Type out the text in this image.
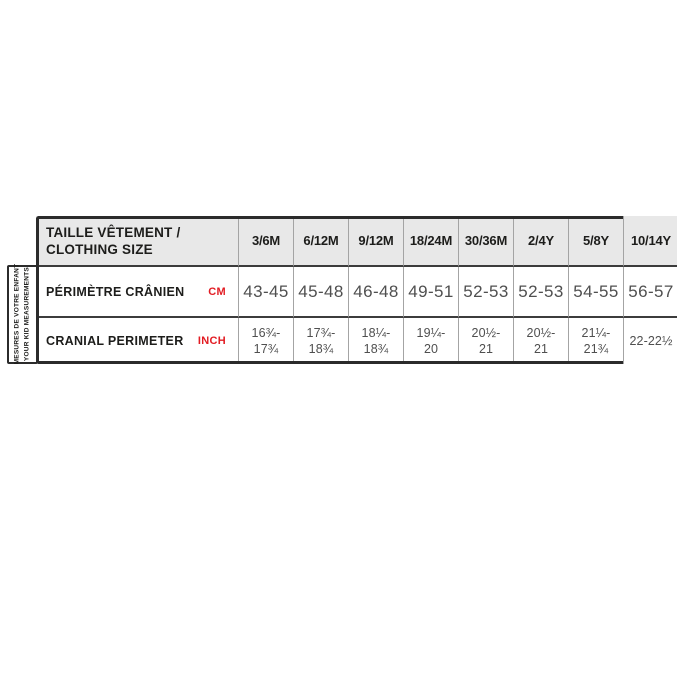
MESURES DE VOTRE ENFANT YOUR KID MEASUREMENTS
TAILLE VÊTEMENT /
CLOTHING SIZE
3/6M 6/12M 9/12M 18/24M 30/36M 2/4Y 5/8Y 10/14Y
PÉRIMÈTRE CRÂNIEN CM 43-45 45-48 46-48 49-51 52-53 52-53 54-55 56-57
CRANIAL PERIMETER INCH
16¾-
17¾
17¾-
18¾
18¼-
18¾
19¼-
20
20½-
21
20½-
21
21¼-
21¾
22-22½
